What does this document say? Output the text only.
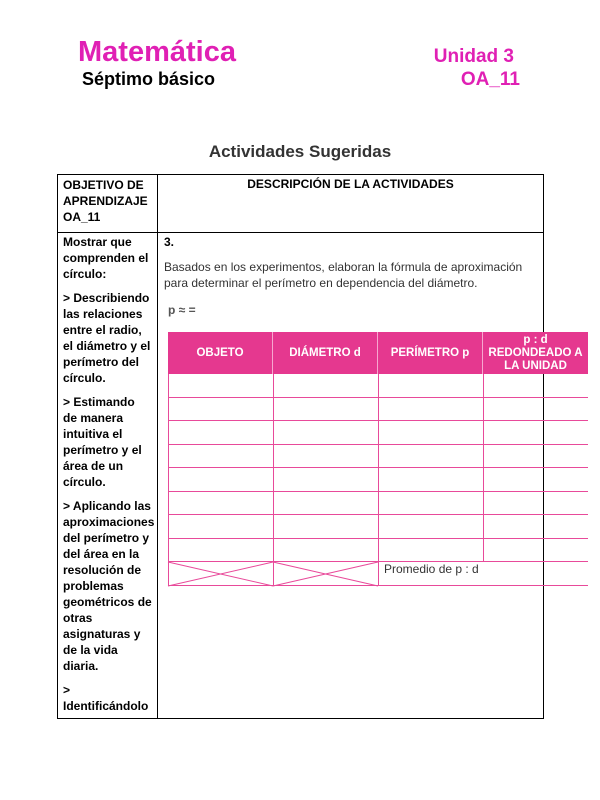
Matemática
Séptimo básico
Unidad 3
OA_11
Actividades Sugeridas
OBJETIVO DE
APRENDIZAJE
OA_11
DESCRIPCIÓN DE LA ACTIVIDADES

Mostrar que comprenden el círculo:

> Describiendo las relaciones entre el radio, el diámetro y el perímetro del círculo.

> Estimando de manera intuitiva el perímetro y el área de un círculo.

> Aplicando las aproximaciones del perímetro y del área en la resolución de problemas geométricos de otras asignaturas y de la vida diaria.

> Identificándolo

3.
Basados en los experimentos, elaboran la fórmula de aproximación para determinar el perímetro en dependencia del diámetro.
p ≈ =
OBJETO	DIÁMETRO d	PERÍMETRO p
p : d REDONDEADO A LA UNIDAD
Promedio de p : d
